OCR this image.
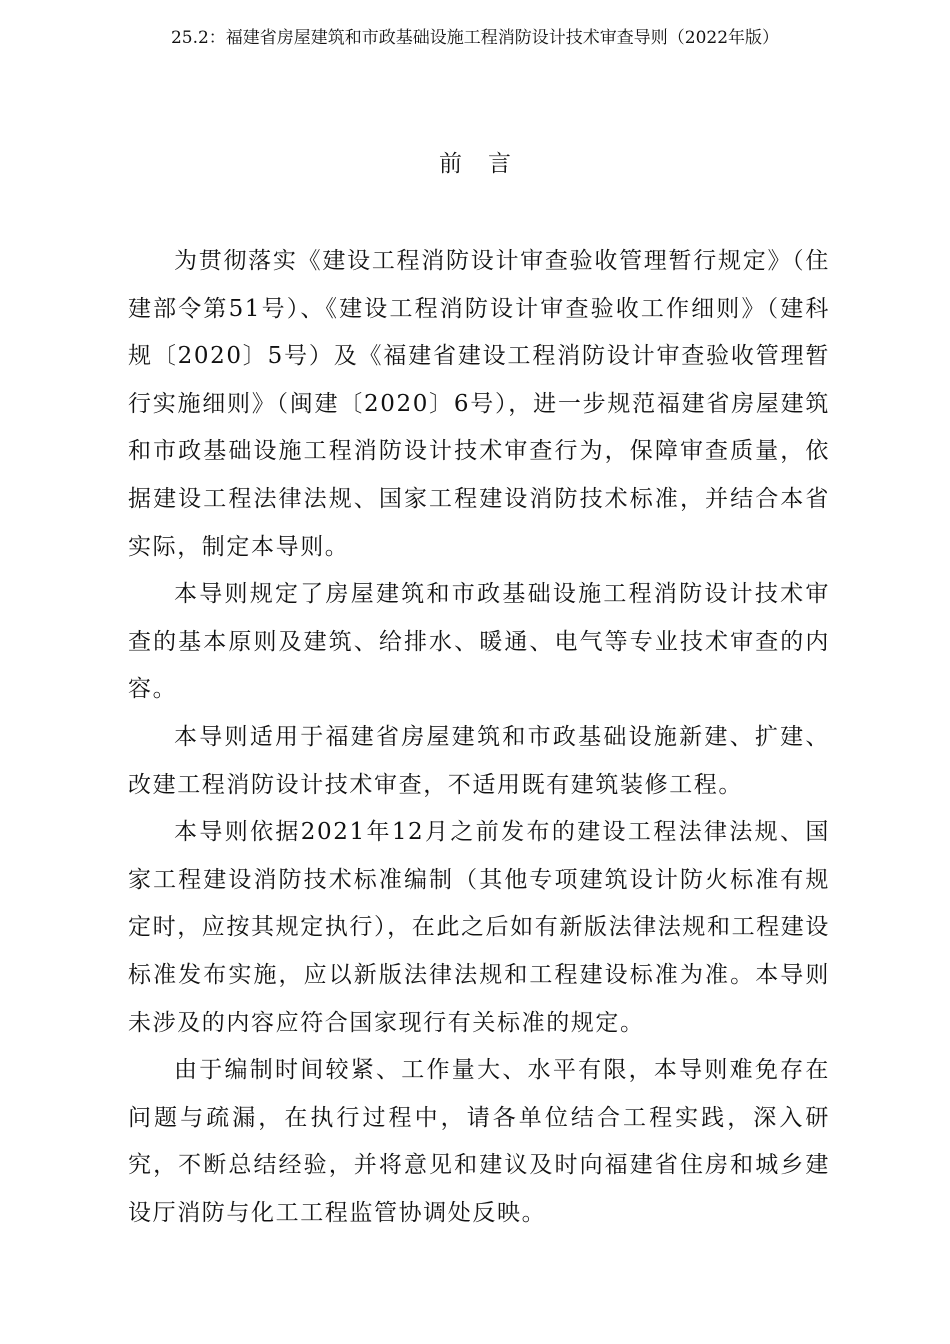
25.2：福建省房屋建筑和市政基础设施工程消防设计技术审查导则（2022年版）
前言

为贯彻落实《建设工程消防设计审查验收管理暂行规定》（住建部令第51号）、《建设工程消防设计审查验收工作细则》（建科规〔2020〕5号）及《福建省建设工程消防设计审查验收管理暂行实施细则》（闽建〔2020〕6号），进一步规范福建省房屋建筑和市政基础设施工程消防设计技术审查行为，保障审查质量，依据建设工程法律法规、国家工程建设消防技术标准，并结合本省实际，制定本导则。

本导则规定了房屋建筑和市政基础设施工程消防设计技术审查的基本原则及建筑、给排水、暖通、电气等专业技术审查的内容。

本导则适用于福建省房屋建筑和市政基础设施新建、扩建、改建工程消防设计技术审查，不适用既有建筑装修工程。

本导则依据2021年12月之前发布的建设工程法律法规、国家工程建设消防技术标准编制（其他专项建筑设计防火标准有规定时，应按其规定执行），在此之后如有新版法律法规和工程建设标准发布实施，应以新版法律法规和工程建设标准为准。本导则未涉及的内容应符合国家现行有关标准的规定。

由于编制时间较紧、工作量大、水平有限，本导则难免存在问题与疏漏，在执行过程中，请各单位结合工程实践，深入研究，不断总结经验，并将意见和建议及时向福建省住房和城乡建设厅消防与化工工程监管协调处反映。
